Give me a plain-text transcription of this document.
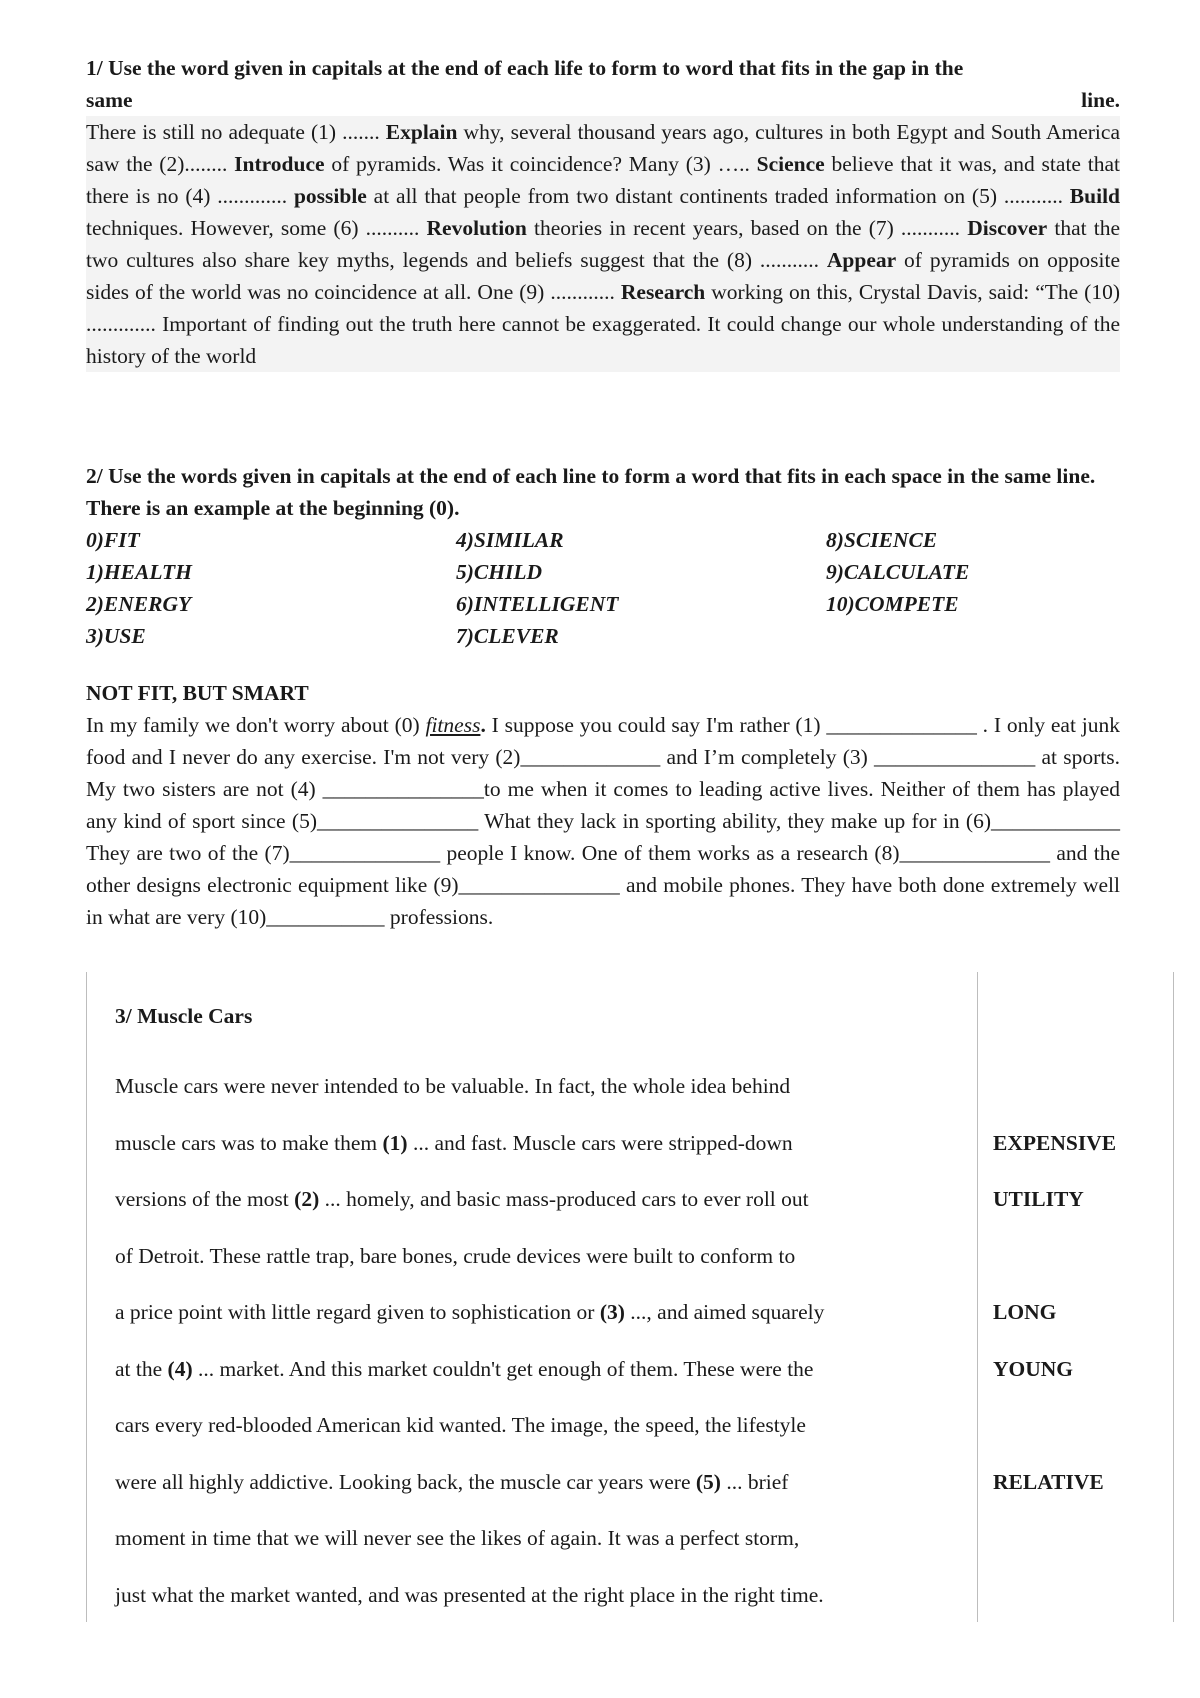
1/ Use the word given in capitals at the end of each life to form to word that fits in the gap in the

same	line.

There is still no adequate (1) ....... Explain why, several thousand years ago, cultures in both Egypt and South America saw the (2)........ Introduce of pyramids. Was it coincidence? Many (3) ….. Science believe that it was, and state that there is no (4) ............. possible at all that people from two distant continents traded information on (5) ........... Build techniques. However, some (6) .......... Revolution theories in recent years, based on the (7) ........... Discover that the two cultures also share key myths, legends and beliefs suggest that the (8) ........... Appear of pyramids on opposite sides of the world was no coincidence at all. One (9) ............ Research working on this, Crystal Davis, said: “The (10) ............. Important of finding out the truth here cannot be exaggerated. It could change our whole understanding of the history of the world

2/ Use the words given in capitals at the end of each line to form a word that fits in each space in the same line. There is an example at the beginning (0).

0)FIT
1)HEALTH
2)ENERGY
3)USE
4)SIMILAR
5)CHILD
6)INTELLIGENT
7)CLEVER
8)SCIENCE
9)CALCULATE
10)COMPETE

NOT FIT, BUT SMART

In my family we don't worry about (0) fitness. I suppose you could say I'm rather (1) ______________ . I only eat junk food and I never do any exercise. I'm not very (2)_____________ and I’m completely (3) _______________ at sports. My two sisters are not (4) _______________to me when it comes to leading active lives. Neither of them has played any kind of sport since (5)_______________ What they lack in sporting ability, they make up for in (6)____________ They are two of the (7)______________ people I know. One of them works as a research (8)______________ and the other designs electronic equipment like (9)_______________ and mobile phones. They have both done extremely well in what are very (10)___________ professions.

3/ Muscle Cars
Muscle cars were never intended to be valuable. In fact, the whole idea behind
muscle cars was to make them (1) ... and fast. Muscle cars were stripped-down	EXPENSIVE
versions of the most (2) ... homely, and basic mass-produced cars to ever roll out	UTILITY
of Detroit. These rattle trap, bare bones, crude devices were built to conform to
a price point with little regard given to sophistication or (3) ..., and aimed squarely	LONG
at the (4) ... market. And this market couldn't get enough of them. These were the	YOUNG
cars every red-blooded American kid wanted. The image, the speed, the lifestyle
were all highly addictive. Looking back, the muscle car years were (5) ... brief	RELATIVE
moment in time that we will never see the likes of again. It was a perfect storm,
just what the market wanted, and was presented at the right place in the right time.
